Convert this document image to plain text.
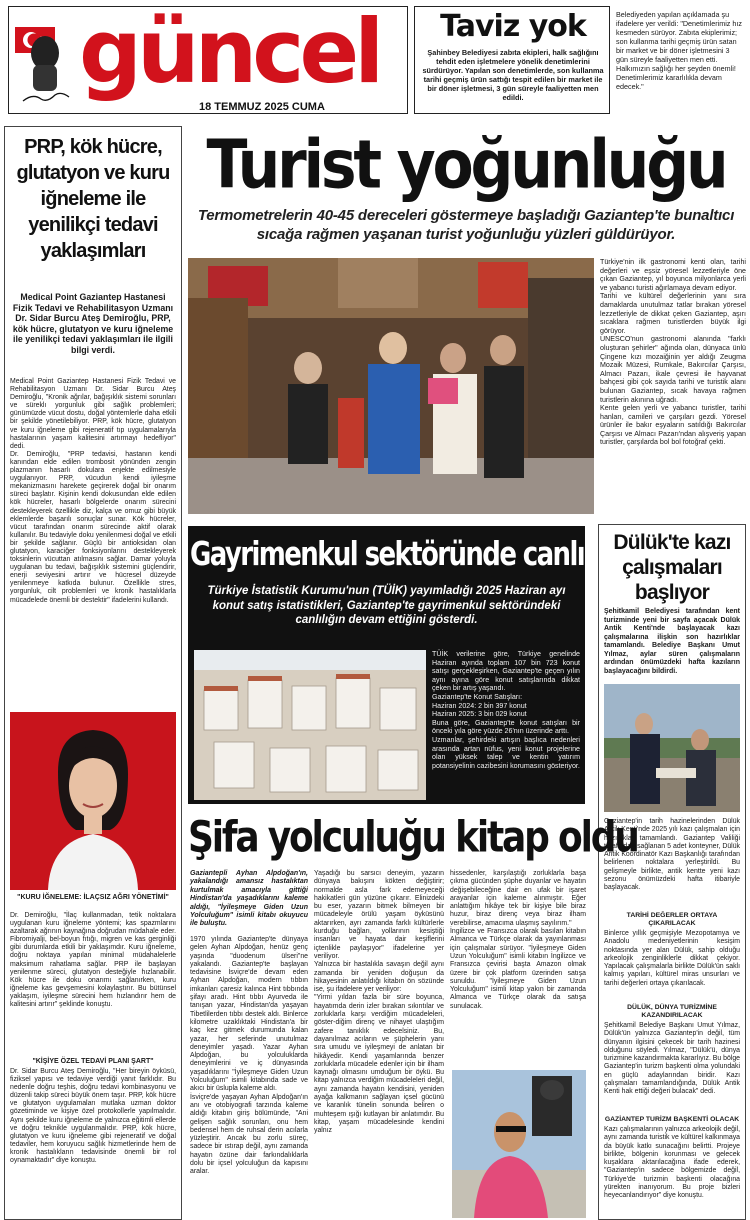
güncel
18 TEMMUZ 2025 CUMA
Taviz yok
Şahinbey Belediyesi zabıta ekipleri, halk sağlığını tehdit eden işletmelere yönelik denetimlerini sürdürüyor. Yapılan son denetimlerde, son kullanma tarihi geçmiş ürün sattığı tespit edilen bir market ile bir döner işletmesi, 3 gün süreyle faaliyetten men edildi.
Belediyeden yapılan açıklamada şu ifadelere yer verildi: "Denetimlerimiz hız kesmeden sürüyor. Zabıta ekiplerimiz; son kullanma tarihi geçmiş ürün satan bir market ve bir döner işletmesini 3 gün süreyle faaliyetten men etti. Halkımızın sağlığı her şeyden önemli! Denetimlerimiz kararlılıkla devam edecek."
PRP, kök hücre, glutatyon ve kuru iğneleme ile yenilikçi tedavi yaklaşımları
Medical Point Gaziantep Hastanesi Fizik Tedavi ve Rehabilitasyon Uzmanı Dr. Sidar Burcu Ateş Demiroğlu, PRP, kök hücre, glutatyon ve kuru iğneleme ile yenilikçi tedavi yaklaşımları ile ilgili bilgi verdi.
Medical Point Gaziantep Hastanesi Fizik Tedavi ve Rehabilitasyon Uzmanı Dr. Sidar Burcu Ateş Demiroğlu, "Kronik ağrılar, bağışıklık sistemi sorunları ve süreklı yorgunluk gibi sağlık problemleri; günümüzde vücut dostu, doğal yöntemlerle daha etkili bir şekilde yönetilebiliyor. PRP, kök hücre, glutatyon ve kuru iğneleme gibi rejeneratif tıp uygulamalarıyla hastalarının yaşam kalitesini artırmayı hedefliyor" dedi.
Dr. Demiroğlu, "PRP tedavisi, hastanın kendi kanından elde edilen trombosit yönünden zengin plazmanın hasarlı dokulara enjekte edilmesiyle uygulanıyor. PRP, vücudun kendi iyileşme mekanizmasını harekete geçirerek doğal bir onarım süreci başlatır. Kişinin kendi dokusundan elde edilen kök hücreler, hasarlı bölgelerde onarım sürecini destekleyerek özellikle diz, kalça ve omuz gibi büyük eklemlerde başarılı sonuçlar sunar. Kök hücreler, vücut tarafından onarım sürecinde aktif olarak kullanılır. Bu tedaviyle doku yenilenmesi doğal ve etkili bir şekilde sağlanır. Güçlü bir antioksidan olan glutatyon, karaciğer fonksiyonlarını destekleyerek toksinlerin vücuttan atılmasını sağlar. Damar yoluyla uygulanan bu tedavi, bağışıklık sistemini güçlendirir, enerji seviyesini artırır ve hücresel düzeyde yenilenmeye katkıda bulunur. Özellikle stres, yorgunluk, cilt problemleri ve kronik hastalıklarla mücadelede önemli bir destektir" ifadelerini kullandı.
"KURU İĞNELEME: İLAÇSIZ AĞRI YÖNETİMİ"
Dr. Demiroğlu, "İlaç kullanmadan, tetik noktalara uygulanan kuru iğneleme yöntemi; kas spazmlarını azaltarak ağrının kaynağına doğrudan müdahale eder. Fibromiyalji, bel-boyun fıtığı, migren ve kas gerginliği gibi durumlarda etkili bir yaklaşımdır. Kuru iğneleme, doğru noktaya yapılan minimal müdahalelerle maksimum rahatlama sağlar. PRP ile başlayan yenilenme süreci, glutatyon desteğiyle hızlanabilir. Kök hücre ile doku onarımı sağlanırken, kuru iğneleme kas gevşemesini kolaylaştırır. Bu bütünsel yaklaşım, iyileşme sürecini hem hızlandırır hem de kalitesini artırır" şeklinde konuştu.
"KİŞİYE ÖZEL TEDAVİ PLANI ŞART"
Dr. Sidar Burcu Ateş Demiroğlu, "Her bireyin öyküsü, fiziksel yapısı ve tedaviye verdiği yanıt farklıdır. Bu nedenle doğru teşhis, doğru tedavi kombinasyonu ve düzenli takip süreci büyük önem taşır. PRP, kök hücre ve glutatyon uygulamaları mutlaka uzman doktor gözetiminde ve kişiye özel protokollerle yapılmalıdır. Aynı şekilde kuru iğneleme de yalnızca eğitimli ellerde ve doğru teknikle uygulanmalıdır. PRP, kök hücre, glutatyon ve kuru iğneleme gibi rejeneratif ve doğal tedaviler, hem koruyucu sağlık hizmetlerinde hem de kronik hastalıkların tedavisinde önemli bir rol oynamaktadır" diye konuştu.
Turist yoğunluğu
Termometrelerin 40-45 dereceleri göstermeye başladığı Gaziantep'te bunaltıcı sıcağa rağmen yaşanan turist yoğunluğu yüzleri güldürüyor.
Türkiye'nin ilk gastronomi kenti olan, tarihi değerleri ve eşsiz yöresel lezzetleriyle öne çıkan Gaziantep, yıl boyunca milyonlarca yerli ve yabancı turisti ağırlamaya devam ediyor.
Tarihi ve kültürel değerlerinin yanı sıra damaklarda unutulmaz tatlar bırakan yöresel lezzetleriyle de dikkat çeken Gaziantep, aşırı sıcaklara rağmen turistlerden büyük ilgi görüyor.
UNESCO'nun gastronomi alanında "farklı oluşturan şehirler" ağında olan, dünyaca ünlü Çingene kızı mozaiğinin yer aldığı Zeugma Mozaik Müzesi, Rumkale, Bakırcılar Çarşısı, Almacı Pazarı, ikale çevresi ile hayvanat bahçesi gibi çok sayıda tarihi ve turistik alanı bulunan Gaziantep, sıcak havaya rağmen turistlerin akınına uğradı.
Kente gelen yerli ve yabancı turistler, tarihi hanları, camileri ve çarşıları gezdi. Yöresel ürünler ile bakır eşyaların satıldığı Bakırcılar Çarşısı ve Almacı Pazarı'ndan alışveriş yapan turistler, çarşılarda bol bol fotoğraf çekti.
Gayrimenkul sektöründe canlılık
Türkiye İstatistik Kurumu'nun (TÜİK) yayımladığı 2025 Haziran ayı konut satış istatistikleri, Gaziantep'te gayrimenkul sektöründeki canlılığın devam ettiğini gösterdi.
TÜİK verilerine göre, Türkiye genelinde Haziran ayında toplam 107 bin 723 konut satışı gerçekleşirken, Gaziantep'te geçen yılın aynı ayına göre konut satışlarında dikkat çeken bir artış yaşandı.
Gaziantep'te Konut Satışları:
Haziran 2024: 2 bin 397 konut
Haziran 2025: 3 bin 029 konut
Buna göre, Gaziantep'te konut satışları bir önceki yıla göre yüzde 26'nın üzerinde arttı.
Uzmanlar, şehirdeki artışın başlıca nedenleri arasında artan nüfus, yeni konut projelerine olan yüksek talep ve kentin yatırım potansiyelinin cazibesini korumasını gösteriyor.
Dülük'te kazı çalışmaları başlıyor
Şehitkamil Belediyesi tarafından kent turizminde yeni bir sayfa açacak Dülük Antik Kenti'nde başlayacak kazı çalışmalarına ilişkin son hazırlıklar tamamlandı. Belediye Başkanı Umut Yılmaz, aylar süren çalışmaların ardından önümüzdeki hafta kazıların başlayacağını bildirdi.
Gaziantep'in tarih hazinelerinden Dülük Antik Kenti'nde 2025 yılı kazı çalışmaları için hazırlıklar tamamlandı. Gaziantep Valiliği tarafından sağlanan 5 adet konteyner, Dülük Antik Koordinatör Kazı Başkanlığı tarafından belirlenen noktalara yerleştirildi. Bu gelişmeyle birlikte, antik kentte yeni kazı sezonu önümüzdeki hafta itibariyle başlayacak.
TARİHİ DEĞERLER ORTAYA ÇIKARILACAK
Binlerce yıllık geçmişiyle Mezopotamya ve Anadolu medeniyetlerinin kesişim noktasında yer alan Dülük, sahip olduğu arkeolojik zenginliklerle dikkat çekiyor. Yapılacak çalışmalarla birlikte Dülük'ün saklı kalmış yapıları, kültürel miras unsurları ve tarihi değerleri ortaya çıkarılacak.
DÜLÜK, DÜNYA TURİZMİNE KAZANDIRILACAK
Şehitkamil Belediye Başkanı Umut Yılmaz, Dülük'ün yalnızca Gaziantep'in değil, tüm dünyanın ilgisini çekecek bir tarih hazinesi olduğunu söyledi. Yılmaz, "Dülük'ü, dünya turizmine kazandırmakta kararlıyız. Bu bölge Gaziantep'in turizm başkenti olma yolundaki en güçlü adaylarından biridir. Kazı çalışmaları tamamlandığında, Dülük Antik Kenti hak ettiği değeri bulacak" dedi.
GAZİANTEP TURİZM BAŞKENTİ OLACAK
Kazı çalışmalarının yalnızca arkeolojik değil, aynı zamanda turistik ve kültürel kalkınmaya da büyük katkı sunacağını belirtti. Projeye birlikte, bölgenin korunması ve gelecek kuşaklara aktarılacağına ifade ederek, "Gaziantep'in sadece bölgemizde değil, Türkiye'de turizmin başkenti olacağına yürekten inanıyorum. Bu proje bizleri heyecanlandırıyor" diye konuştu.
Şifa yolculuğu kitap oldu
Gaziantepli Ayhan Alpdoğan'ın, yakalandığı amansız hastalıktan kurtulmak amacıyla gittiği Hindistan'da yaşadıklarını kaleme aldığı, "İyileşmeye Giden Uzun Yolculuğum" isimli kitabı okuyucu ile buluştu.
1970 yılında Gaziantep'te dünyaya gelen Ayhan Alpdoğan, henüz genç yaşında "duodenum ülseri"ne yakalandı. Gaziantep'te başlayan tedavisine İsviçre'de devam eden Ayhan Alpdoğan, modern tıbbın imkanları çaresiz kalınca Hint tıbbında şifayı aradı. Hint tıbbı Ayurveda ile tanışan yazar, Hindistan'da yaşayan Tibetlilerden tıbbı destek aldı. Binlerce kilometre uzaklıktaki Hindistan'a bir kaç kez gitmek durumunda kalan yazar, her seferinde unutulmaz deneyimler yaşadı. Yazar Ayhan Alpdoğan, bu yolculuklarda deneyimlerini ve iç dünyasında yaşadıklarını "İyileşmeye Giden Uzun Yolculuğum" isimli kitabında sade ve akıcı bir üslupla kaleme aldı.
İsviçre'de yaşayan Ayhan Alpdoğan'ın anı ve otobiyografi tarzında kaleme aldığı kitabın giriş bölümünde, "Ani gelişen sağlık sorunları, onu hem bedensel hem de ruhsal derin acılarla yüzleştirir. Ancak bu zorlu süreç, sadece bir ıstırap değil, aynı zamanda hayatın özüne dair farkındalıklarla dolu bir içsel yolculuğun da kapısını aralar.
Yaşadığı bu sarsıcı deneyim, yazarın dünyaya bakışını kökten değiştirir; normalde asla fark edemeyeceği hakikatleri gün yüzüne çıkarır. Elinizdeki bu eser, yazarın bitmek bilmeyen bir mücadeleyle örülü yaşam öyküsünü aktarırken, ayrı zamanda farklı kültürlerle kurduğu bağları, yollarının kesiştiği insanları ve hayata dair keşiflerini içtenlikle paylaşıyor" ifadelerine yer veriliyor.
Yalnızca bir hastalıkla savaşın değil aynı zamanda bir yeniden doğuşun da hikayesinin anlatıldığı kitabın ön sözünde ise, şu ifadelere yer veriliyor:
"Yirmi yıldan fazla bir süre boyunca, hayatımda derin izler bırakan sıkıntılar ve zorluklarla karşı verdiğim mücadeleleri, göster-diğim direnç ve nihayet ulaştığım zafere tanıklık edecelsiniz. Bu, dayanılmaz acıların ve şüphelerin yanı sıra umudu ve iyileşmeyi de anlatan bir hikâyedir. Kendi yaşamlarında benzer zorluklarla mücadele edenler için bir ilham kaynağı olmasını umduğum bir öykü. Bu kitap yalnızca verdiğim mücadeleleri değil, aynı zamanda hayatın kendisini, yeniden ayağa kalkmanın sağlayan içsel gücünü ve karanlık tünelin sonunda beliren o muhteşem ışığı kutlayan bir anlatımdır. Bu kitap, yaşam mücadelesinde kendini yalnız
hissedenler, karşılaştığı zorluklarla başa çıkma gücünden şüphe duyanlar ve hayatın değişebileceğine dair en ufak bir işaret arayanlar için kaleme alınmıştır. Eğer anlattığım hikâye tek bir kişiye bile biraz huzur, biraz direnç veya biraz ilham verebilirse, amacıma ulaşmış sayılırım."
İngilizce ve Fransızca olarak basılan kitabın Almanca ve Türkçe olarak da yayınlanması için çalışmalar sürüyor. "İyileşmeye Giden Uzun Yolculuğum" isimli kitabın İngilizce ve Fransızca çevirisi başta Amazon olmak üzere bir çok platform üzerinden satışa sunuldu. "İyileşmeye Giden Uzun Yolculuğum" isimli kitap yakın bir zamanda Almanca ve Türkçe olarak da satışa sunulacak.
